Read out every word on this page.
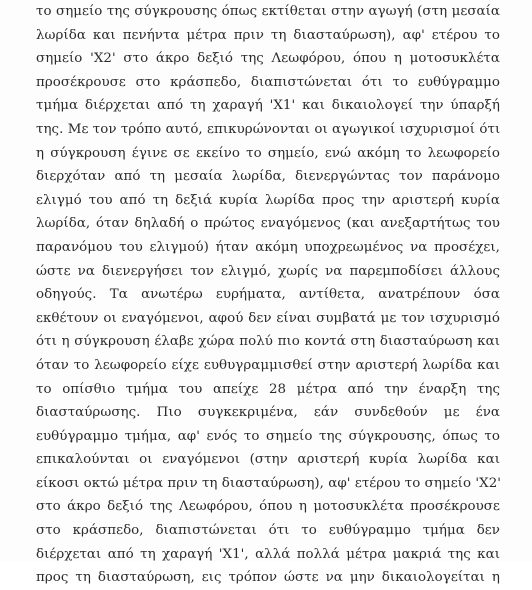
το σημείο της σύγκρουσης όπως εκτίθεται στην αγωγή (στη μεσαία
λωρίδα και πενήντα μέτρα πριν τη διασταύρωση), αφ' ετέρου το
σημείο 'Χ2' στο άκρο δεξιό της Λεωφόρου, όπου η μοτοσυκλέτα
προσέκρουσε στο κράσπεδο, διαπιστώνεται ότι το ευθύγραμμο
τμήμα διέρχεται από τη χαραγή 'Χ1' και δικαιολογεί την ύπαρξή
της. Με τον τρόπο αυτό, επικυρώνονται οι αγωγικοί ισχυρισμοί ότι
η σύγκρουση έγινε σε εκείνο το σημείο, ενώ ακόμη το λεωφορείο
διερχόταν από τη μεσαία λωρίδα, διενεργώντας τον παράνομο
ελιγμό του από τη δεξιά κυρία λωρίδα προς την αριστερή κυρία
λωρίδα, όταν δηλαδή ο πρώτος εναγόμενος (και ανεξαρτήτως του
παρανόμου του ελιγμού) ήταν ακόμη υποχρεωμένος να προσέχει,
ώστε να διενεργήσει τον ελιγμό, χωρίς να παρεμποδίσει άλλους
οδηγούς. Τα ανωτέρω ευρήματα, αντίθετα, ανατρέπουν όσα
εκθέτουν οι εναγόμενοι, αφού δεν είναι συμβατά με τον ισχυρισμό
ότι η σύγκρουση έλαβε χώρα πολύ πιο κοντά στη διασταύρωση και
όταν το λεωφορείο είχε ευθυγραμμισθεί στην αριστερή λωρίδα και
το οπίσθιο τμήμα του απείχε 28 μέτρα από την έναρξη της
διασταύρωσης. Πιο συγκεκριμένα, εάν συνδεθούν με ένα
ευθύγραμμο τμήμα, αφ' ενός το σημείο της σύγκρουσης, όπως το
επικαλούνται οι εναγόμενοι (στην αριστερή κυρία λωρίδα και
είκοσι οκτώ μέτρα πριν τη διασταύρωση), αφ' ετέρου το σημείο 'Χ2'
στο άκρο δεξιό της Λεωφόρου, όπου η μοτοσυκλέτα προσέκρουσε
στο κράσπεδο, διαπιστώνεται ότι το ευθύγραμμο τμήμα δεν
διέρχεται από τη χαραγή 'Χ1', αλλά πολλά μέτρα μακριά της και
προς τη διασταύρωση, εις τρόπον ώστε να μην δικαιολογείται η
